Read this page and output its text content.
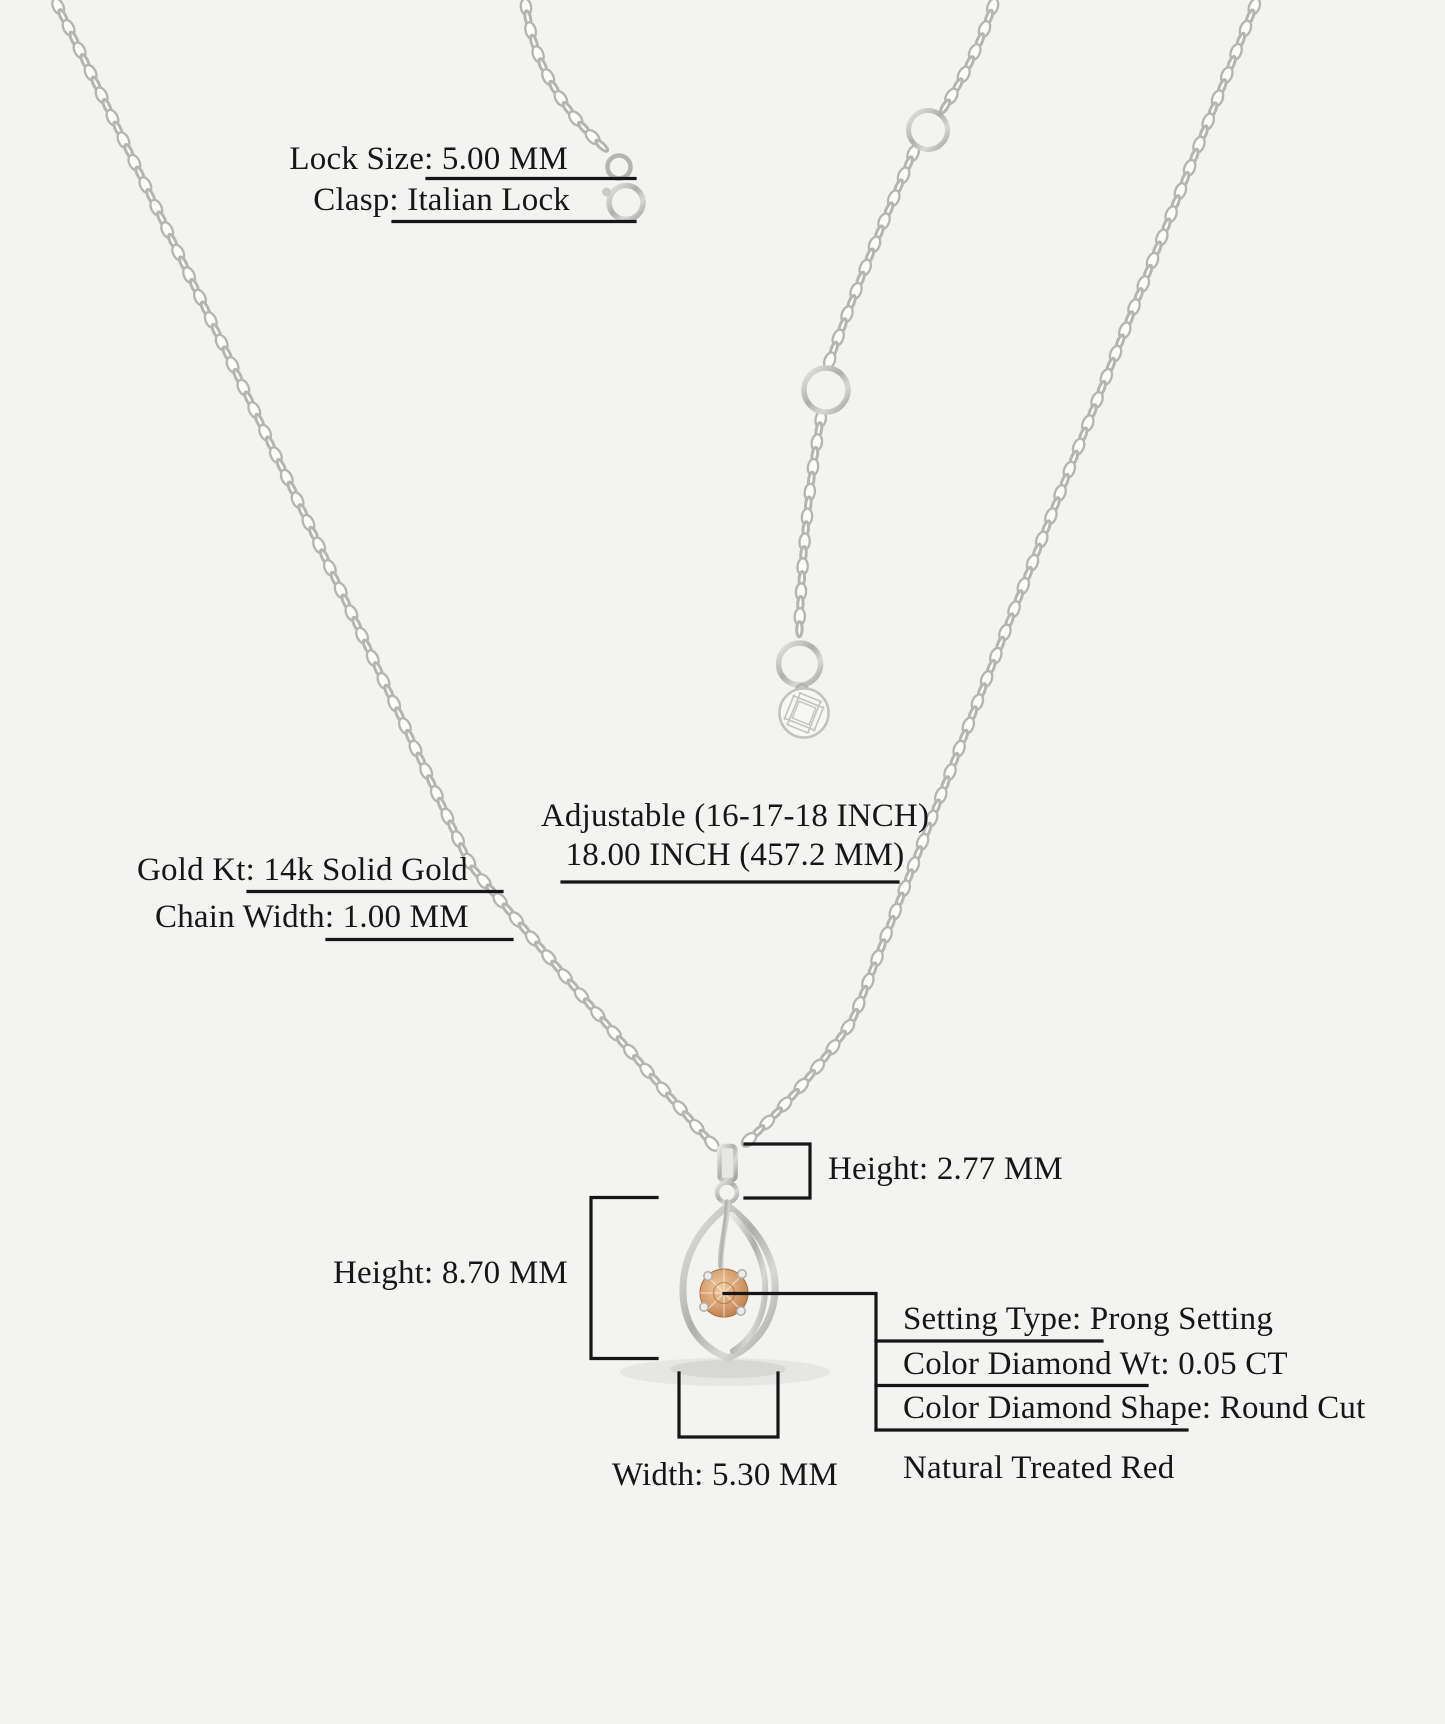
Lock Size: 5.00 MM
Clasp: Italian Lock
Adjustable (16-17-18 INCH)
18.00 INCH (457.2 MM)
Gold Kt: 14k Solid Gold
Chain Width: 1.00 MM
Height: 2.77 MM
Height: 8.70 MM
Width: 5.30 MM
Setting Type: Prong Setting
Color Diamond Wt: 0.05 CT
Color Diamond Shape: Round Cut
Natural Treated Red
